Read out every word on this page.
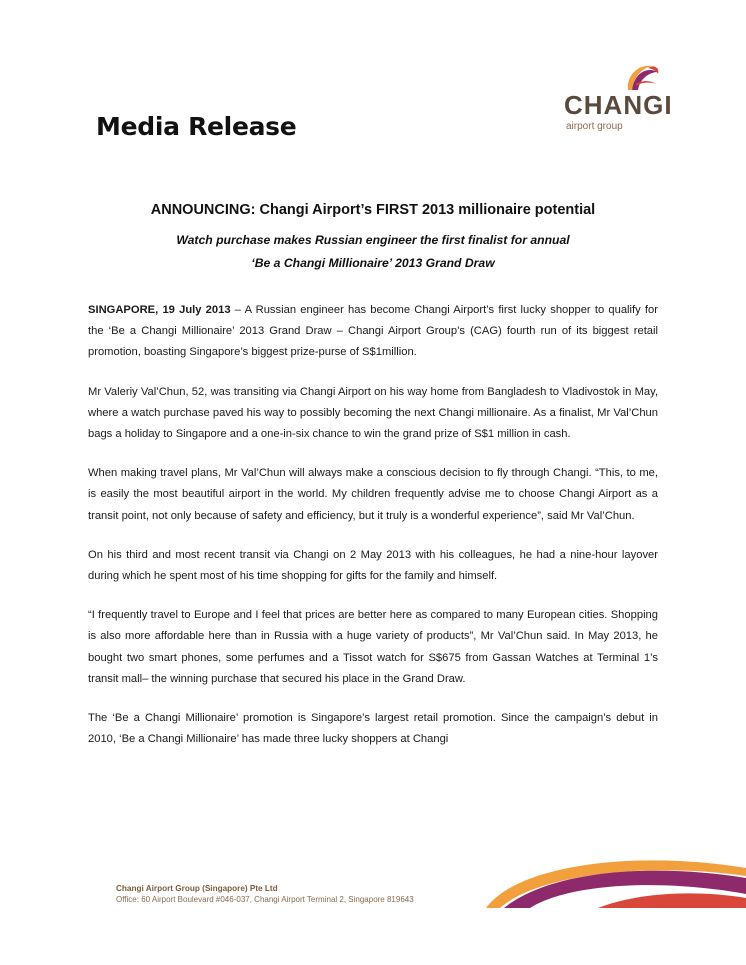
Media Release
CHANGI
airport group
ANNOUNCING: Changi Airport’s FIRST 2013 millionaire potential
Watch purchase makes Russian engineer the first finalist for annual
‘Be a Changi Millionaire’ 2013 Grand Draw

SINGAPORE, 19 July 2013 – A Russian engineer has become Changi Airport’s first lucky shopper to qualify for the ‘Be a Changi Millionaire’ 2013 Grand Draw – Changi Airport Group’s (CAG) fourth run of its biggest retail promotion, boasting Singapore’s biggest prize-purse of S$1million.

Mr Valeriy Val’Chun, 52, was transiting via Changi Airport on his way home from Bangladesh to Vladivostok in May, where a watch purchase paved his way to possibly becoming the next Changi millionaire. As a finalist, Mr Val’Chun bags a holiday to Singapore and a one-in-six chance to win the grand prize of S$1 million in cash.

When making travel plans, Mr Val’Chun will always make a conscious decision to fly through Changi. “This, to me, is easily the most beautiful airport in the world. My children frequently advise me to choose Changi Airport as a transit point, not only because of safety and efficiency, but it truly is a wonderful experience”, said Mr Val’Chun.

On his third and most recent transit via Changi on 2 May 2013 with his colleagues, he had a nine-hour layover during which he spent most of his time shopping for gifts for the family and himself.

“I frequently travel to Europe and I feel that prices are better here as compared to many European cities. Shopping is also more affordable here than in Russia with a huge variety of products”, Mr Val’Chun said. In May 2013, he bought two smart phones, some perfumes and a Tissot watch for S$675 from Gassan Watches at Terminal 1’s transit mall– the winning purchase that secured his place in the Grand Draw.

The ‘Be a Changi Millionaire’ promotion is Singapore’s largest retail promotion. Since the campaign’s debut in 2010, ‘Be a Changi Millionaire’ has made three lucky shoppers at Changi

Changi Airport Group (Singapore) Pte Ltd
Office: 60 Airport Boulevard #046-037, Changi Airport Terminal 2, Singapore 819643
